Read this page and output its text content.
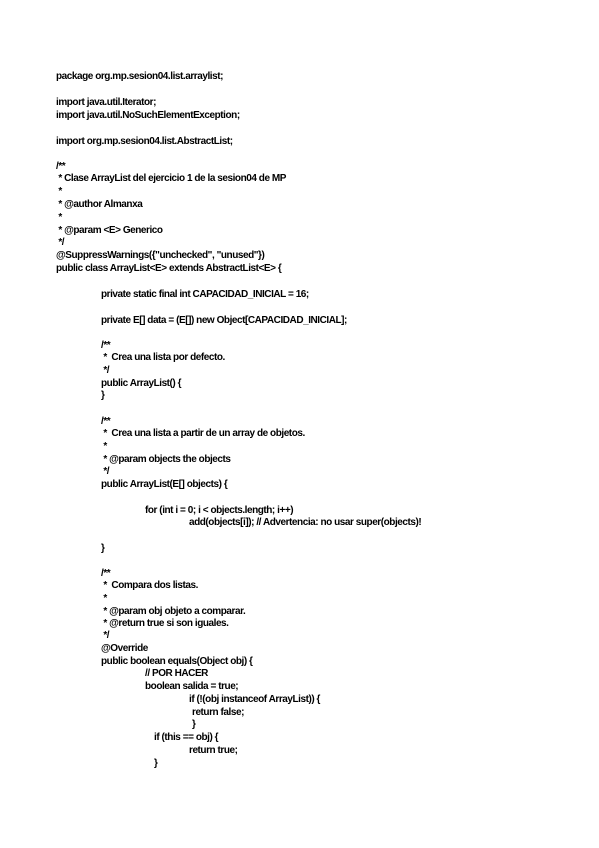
package org.mp.sesion04.list.arraylist;
import java.util.Iterator;
import java.util.NoSuchElementException;
import org.mp.sesion04.list.AbstractList;
/**
* Clase ArrayList del ejercicio 1 de la sesion04 de MP
*
* @author Almanxa
*
* @param <E> Generico
*/
@SuppressWarnings({"unchecked", "unused"})
public class ArrayList<E> extends AbstractList<E> {
private static final int CAPACIDAD_INICIAL = 16;
private E[] data = (E[]) new Object[CAPACIDAD_INICIAL];
/**
*  Crea una lista por defecto.
*/
public ArrayList() {
}
/**
*  Crea una lista a partir de un array de objetos.
*
* @param objects the objects
*/
public ArrayList(E[] objects) {
for (int i = 0; i < objects.length; i++)
add(objects[i]); // Advertencia: no usar super(objects)!
}
/**
*  Compara dos listas.
*
* @param obj objeto a comparar.
* @return true si son iguales.
*/
@Override
public boolean equals(Object obj) {
// POR HACER
boolean salida = true;
if (!(obj instanceof ArrayList)) {
return false;
}
if (this == obj) {
return true;
}
